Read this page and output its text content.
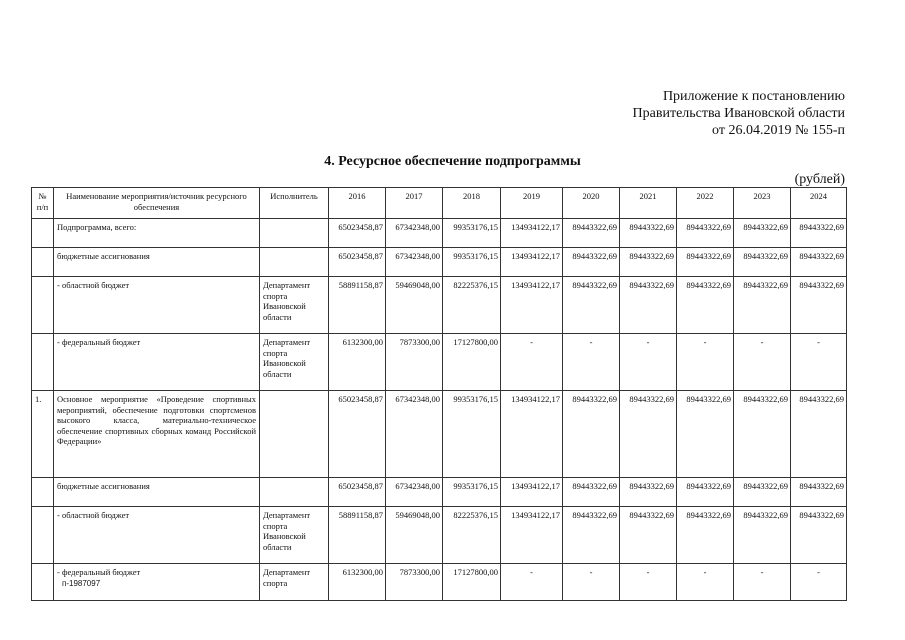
Приложение к постановлению
Правительства Ивановской области
от 26.04.2019 № 155-п
4. Ресурсное обеспечение подпрограммы
(рублей)
№ п/п	Наименование мероприятия/источник ресурсного обеспечения	Исполнитель	2016	2017	2018	2019	2020	2021	2022	2023	2024
	Подпрограмма, всего:		65023458,87	67342348,00	99353176,15	134934122,17	89443322,69	89443322,69	89443322,69	89443322,69	89443322,69
	бюджетные ассигнования		65023458,87	67342348,00	99353176,15	134934122,17	89443322,69	89443322,69	89443322,69	89443322,69	89443322,69
	- областной бюджет	Департамент спорта Ивановской области	58891158,87	59469048,00	82225376,15	134934122,17	89443322,69	89443322,69	89443322,69	89443322,69	89443322,69
	- федеральный бюджет	Департамент спорта Ивановской области	6132300,00	7873300,00	17127800,00	-	-	-	-	-	-
1.	Основное мероприятие «Проведение спортивных мероприятий, обеспечение подготовки спортсменов высокого класса, материально-техническое обеспечение спортивных сборных команд Российской Федерации»		65023458,87	67342348,00	99353176,15	134934122,17	89443322,69	89443322,69	89443322,69	89443322,69	89443322,69
	бюджетные ассигнования		65023458,87	67342348,00	99353176,15	134934122,17	89443322,69	89443322,69	89443322,69	89443322,69	89443322,69
	- областной бюджет	Департамент спорта Ивановской области	58891158,87	59469048,00	82225376,15	134934122,17	89443322,69	89443322,69	89443322,69	89443322,69	89443322,69
	- федеральный бюджет	Департамент спорта	6132300,00	7873300,00	17127800,00	-	-	-	-	-	-
п-1987097
